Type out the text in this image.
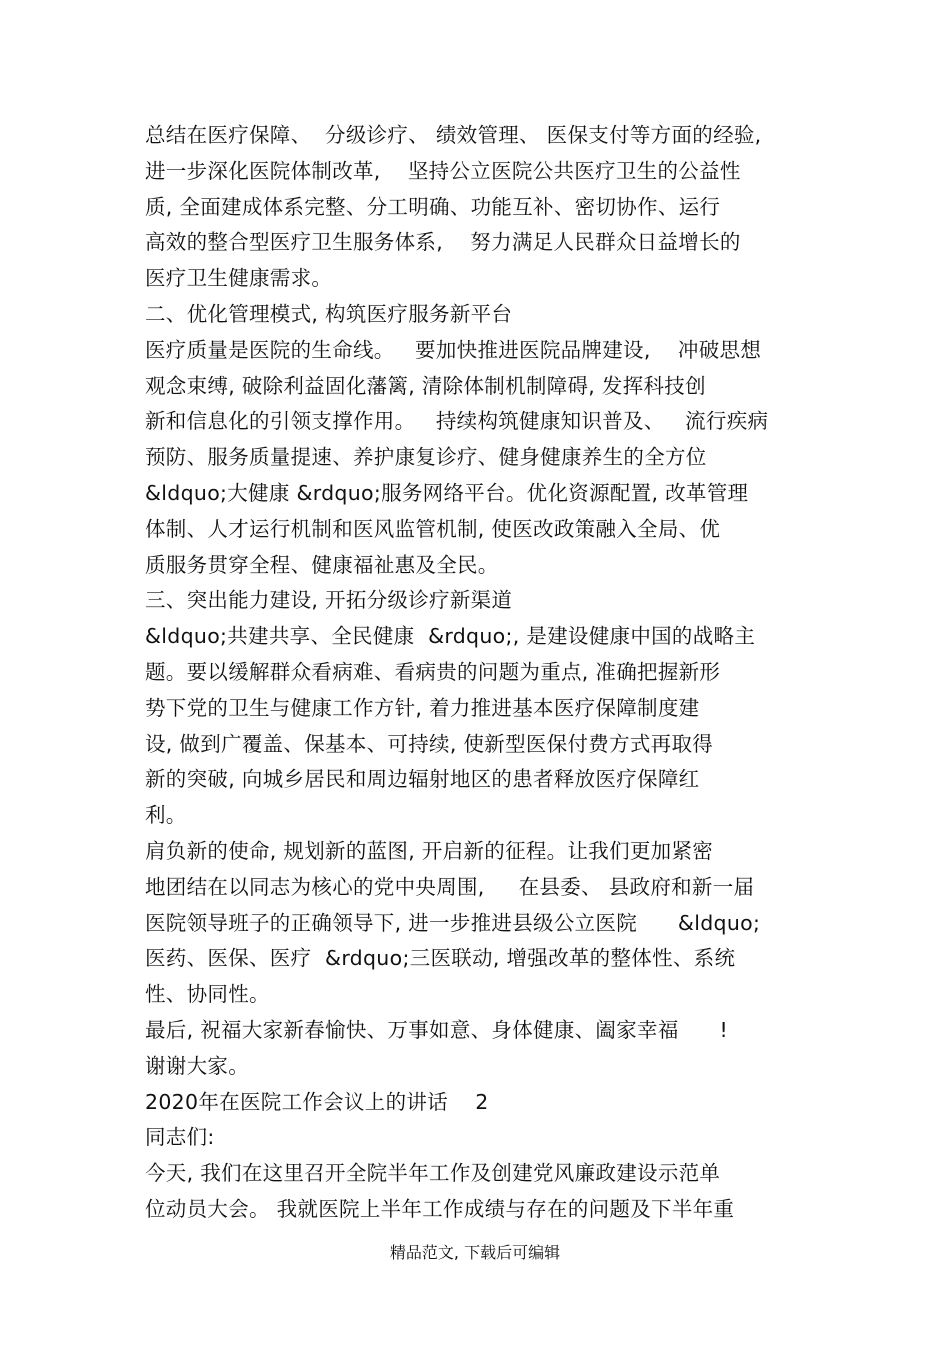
总结在医疗保障、  分级诊疗、 绩效管理、 医保支付等方面的经验,
进一步深化医院体制改革,    坚持公立医院公共医疗卫生的公益性
质, 全面建成体系完整、分工明确、功能互补、密切协作、运行
高效的整合型医疗卫生服务体系,    努力满足人民群众日益增长的
医疗卫生健康需求。
二、优化管理模式, 构筑医疗服务新平台
医疗质量是医院的生命线。   要加快推进医院品牌建设,    冲破思想
观念束缚, 破除利益固化藩篱, 清除体制机制障碍, 发挥科技创
新和信息化的引领支撑作用。   持续构筑健康知识普及、   流行疾病
预防、服务质量提速、养护康复诊疗、健身健康养生的全方位
&ldquo;大健康 &rdquo;服务网络平台。优化资源配置, 改革管理
体制、人才运行机制和医风监管机制, 使医改政策融入全局、优
质服务贯穿全程、健康福祉惠及全民。
三、突出能力建设, 开拓分级诊疗新渠道
&ldquo;共建共享、全民健康  &rdquo;, 是建设健康中国的战略主
题。要以缓解群众看病难、看病贵的问题为重点, 准确把握新形
势下党的卫生与健康工作方针, 着力推进基本医疗保障制度建
设, 做到广覆盖、保基本、可持续, 使新型医保付费方式再取得
新的突破, 向城乡居民和周边辐射地区的患者释放医疗保障红
利。
肩负新的使命, 规划新的蓝图, 开启新的征程。让我们更加紧密
地团结在以同志为核心的党中央周围,     在县委、 县政府和新一届
医院领导班子的正确领导下, 进一步推进县级公立医院      &ldquo;
医药、医保、医疗  &rdquo;三医联动, 增强改革的整体性、系统
性、协同性。
最后, 祝福大家新春愉快、万事如意、身体健康、阖家幸福      !
谢谢大家。
2020年在医院工作会议上的讲话    2
同志们:
今天, 我们在这里召开全院半年工作及创建党风廉政建设示范单
位动员大会。 我就医院上半年工作成绩与存在的问题及下半年重
精品范文, 下载后可编辑
